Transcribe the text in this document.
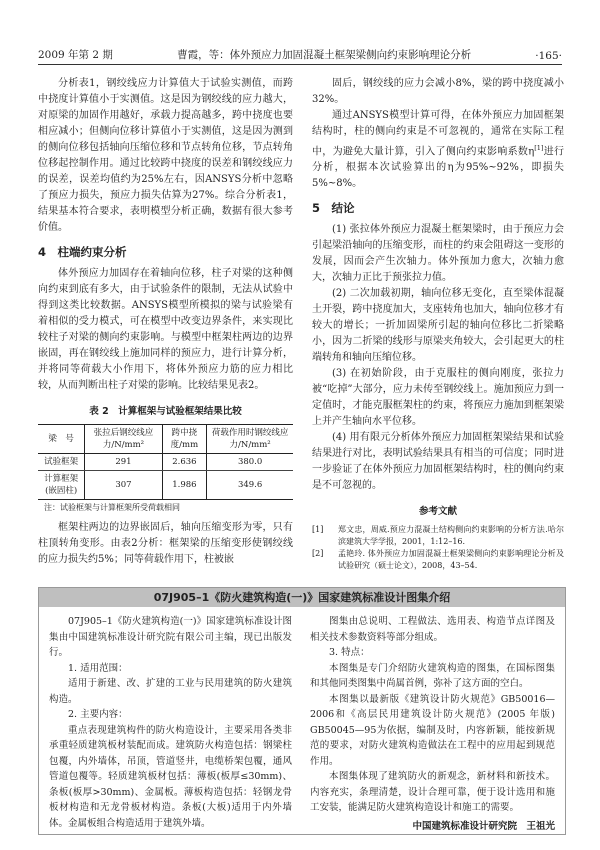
2009 年第 2 期	曹霞，等：体外预应力加固混凝土框架梁侧向约束影响理论分析	·165·

分析表1，钢绞线应力计算值大于试验实测值，而跨中挠度计算值小于实测值。这是因为钢绞线的应力越大，对原梁的加固作用越好，承载力提高越多，跨中挠度也要相应减小；但侧向位移计算值小于实测值，这是因为测到的侧向位移包括轴向压缩位移和节点转角位移，节点转角位移起控制作用。通过比较跨中挠度的误差和钢绞线应力的误差，误差均值约为25%左右，因ANSYS分析中忽略了预应力损失，预应力损失估算为27%。综合分析表1，结果基本符合要求，表明模型分析正确，数据有很大参考价值。

4　柱端约束分析

体外预应力加固存在着轴向位移，柱子对梁的这种侧向约束到底有多大，由于试验条件的限制，无法从试验中得到这类比较数据。ANSYS模型所模拟的梁与试验梁有着相似的受力模式，可在模型中改变边界条件，来实现比较柱子对梁的侧向约束影响。与模型中框架柱两边的边界嵌固，再在钢绞线上施加同样的预应力，进行计算分析，并将同等荷载大小作用下，将体外预应力筋的应力相比较，从而判断出柱子对梁的影响。比较结果见表2。

表 2　计算框架与试验框架结果比较
梁　号	张拉后钢绞线应力/N/mm²	跨中挠度/mm	荷载作用时钢绞线应力/N/mm²
试验框架	291	2.636	380.0
计算框架(嵌固柱)	307	1.986	349.6
注：试验框架与计算框架所受荷载相同

框架柱两边的边界嵌固后，轴向压缩变形为零，只有柱顶转角变形。由表2分析：框架梁的压缩变形使钢绞线的应力损失约5%；同等荷载作用下，柱被嵌

固后，钢绞线的应力会减小8%，梁的跨中挠度减小32%。

通过ANSYS模型计算可得，在体外预应力加固框架结构时，柱的侧向约束是不可忽视的，通常在实际工程中，为避免大量计算，引入了侧向约束影响系数η[1]进行分析，根据本次试验算出的η为95%~92%，即损失5%~8%。

5　结论

(1) 张拉体外预应力混凝土框架梁时，由于预应力会引起梁沿轴向的压缩变形，而柱的约束会阻碍这一变形的发展，因而会产生次轴力。体外预加力愈大，次轴力愈大，次轴力正比于预张拉力值。

(2) 二次加载初期，轴向位移无变化，直至梁体混凝土开裂，跨中挠度加大，支座转角也加大，轴向位移才有较大的增长；一折加固梁所引起的轴向位移比二折梁略小，因为二折梁的线形与原梁夹角较大，会引起更大的柱端转角和轴向压缩位移。

(3) 在初始阶段，由于克服柱的侧向刚度，张拉力被“吃掉”大部分，应力未传至钢绞线上。施加预应力到一定值时，才能克服框架柱的约束，将预应力施加到框架梁上并产生轴向水平位移。

(4) 用有限元分析体外预应力加固框架梁结果和试验结果进行对比，表明试验结果具有相当的可信度；同时进一步验证了在体外预应力加固框架结构时，柱的侧向约束是不可忽视的。

参考文献
[1]	郑文忠，周威.预应力混凝土结构侧向约束影响的分析方法.哈尔滨建筑大学学报，2001，1:12–16.
[2]	孟艳玲. 体外预应力加固混凝土框架梁侧向约束影响理论分析及试验研究（硕士论文），2008，43–54.
07J905–1《防火建筑构造(一)》国家建筑标准设计图集介绍

07J905–1《防火建筑构造(一)》国家建筑标准设计图集由中国建筑标准设计研究院有限公司主编，现已出版发行。

1. 适用范围：

适用于新建、改、扩建的工业与民用建筑的防火建筑构造。

2. 主要内容：

重点表现建筑构件的防火构造设计，主要采用各类非承重轻质建筑板材装配而成。建筑防火构造包括：钢梁柱包覆，内外墙体，吊顶，管道竖井，电缆桥架包覆，通风管道包覆等。轻质建筑板材包括：薄板(板厚≤30mm)、条板(板厚>30mm)、金属板。薄板构造包括：轻钢龙骨板材构造和无龙骨板材构造。条板(大板)适用于内外墙体。金属板组合构造适用于建筑外墙。

图集由总说明、工程做法、选用表、构造节点详图及相关技术参数资料等部分组成。

3. 特点：

本图集是专门介绍防火建筑构造的图集，在国标图集和其他同类图集中尚属首例，弥补了这方面的空白。

本图集以最新版《建筑设计防火规范》GB50016—2006和《高层民用建筑设计防火规范》(2005 年版) GB50045—95为依据，编制及时，内容新颖，能按新规范的要求，对防火建筑构造做法在工程中的应用起到规范作用。

本图集体现了建筑防火的新观念，新材料和新技术。内容充实，条理清楚，设计合理可靠，便于设计选用和施工安装，能满足防火建筑构造设计和施工的需要。

中国建筑标准设计研究院　王祖光
